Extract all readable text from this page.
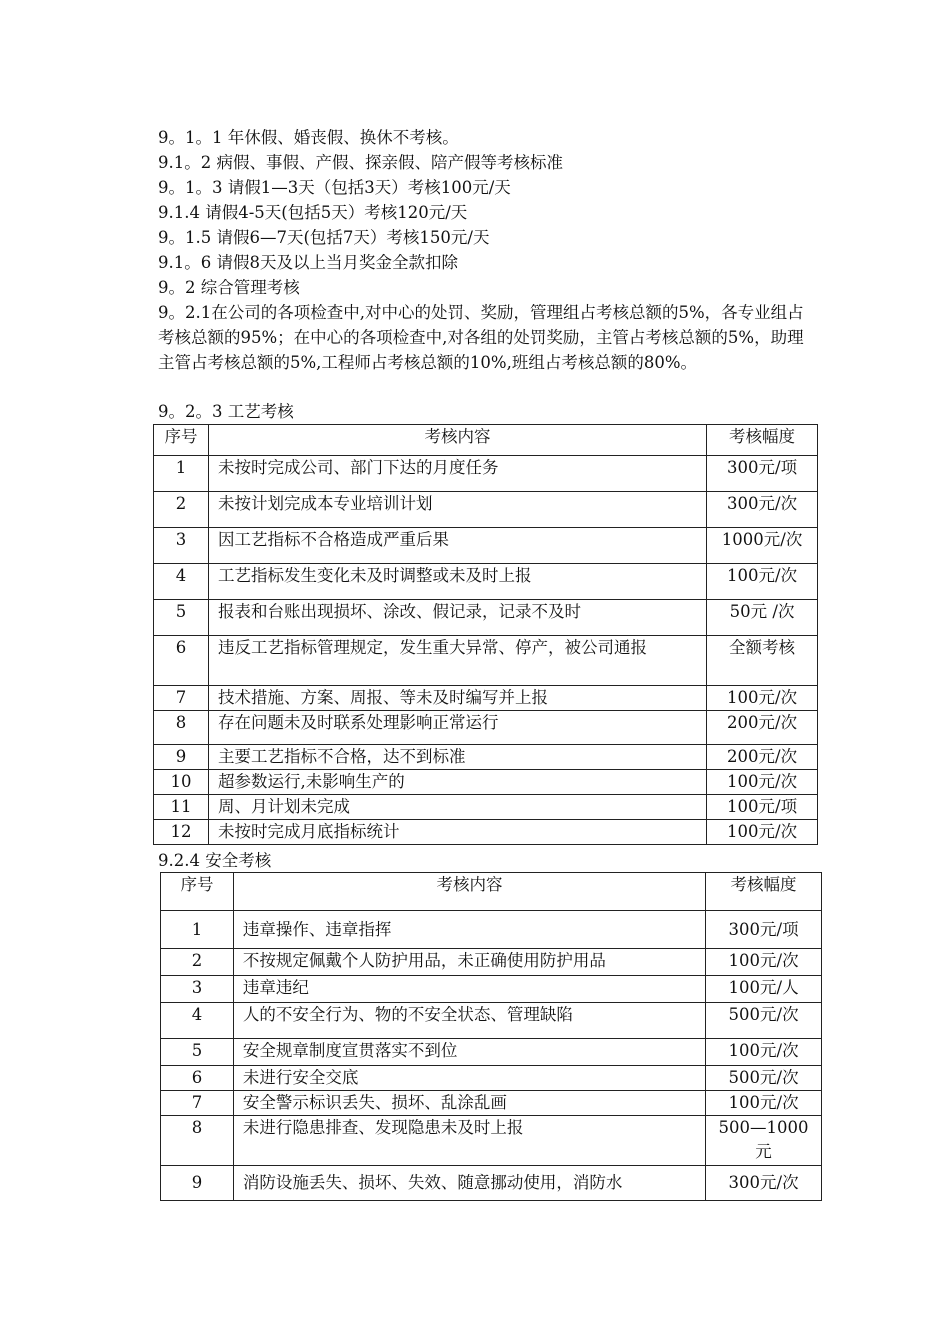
9。1。1 年休假、婚丧假、换休不考核。
9.1。2 病假、事假、产假、探亲假、陪产假等考核标准
9。1。3 请假1—3天（包括3天）考核100元/天
9.1.4 请假4-5天(包括5天）考核120元/天
9。1.5 请假6—7天(包括7天）考核150元/天
9.1。6 请假8天及以上当月奖金全款扣除
9。2 综合管理考核
9。2.1在公司的各项检查中,对中心的处罚、奖励，管理组占考核总额的5%，各专业组占考核总额的95%；在中心的各项检查中,对各组的处罚奖励，主管占考核总额的5%，助理主管占考核总额的5%,工程师占考核总额的10%,班组占考核总额的80%。
9。2。3 工艺考核
序号	考核内容	考核幅度
1	未按时完成公司、部门下达的月度任务	300元/项
2	未按计划完成本专业培训计划	300元/次
3	因工艺指标不合格造成严重后果	1000元/次
4	工艺指标发生变化未及时调整或未及时上报	100元/次
5	报表和台账出现损坏、涂改、假记录，记录不及时	50元 /次
6	违反工艺指标管理规定，发生重大异常、停产，被公司通报	全额考核
7	技术措施、方案、周报、等未及时编写并上报	100元/次
8	存在问题未及时联系处理影响正常运行	200元/次
9	主要工艺指标不合格，达不到标准	200元/次
10	超参数运行,未影响生产的	100元/次
11	周、月计划未完成	100元/项
12	未按时完成月底指标统计	100元/次
9.2.4 安全考核
序号	考核内容	考核幅度
1	违章操作、违章指挥	300元/项
2	不按规定佩戴个人防护用品，未正确使用防护用品	100元/次
3	违章违纪	100元/人
4	人的不安全行为、物的不安全状态、管理缺陷	500元/次
5	安全规章制度宣贯落实不到位	100元/次
6	未进行安全交底	500元/次
7	安全警示标识丢失、损坏、乱涂乱画	100元/次
8	未进行隐患排查、发现隐患未及时上报	500—1000元
9	消防设施丢失、损坏、失效、随意挪动使用，消防水	300元/次
